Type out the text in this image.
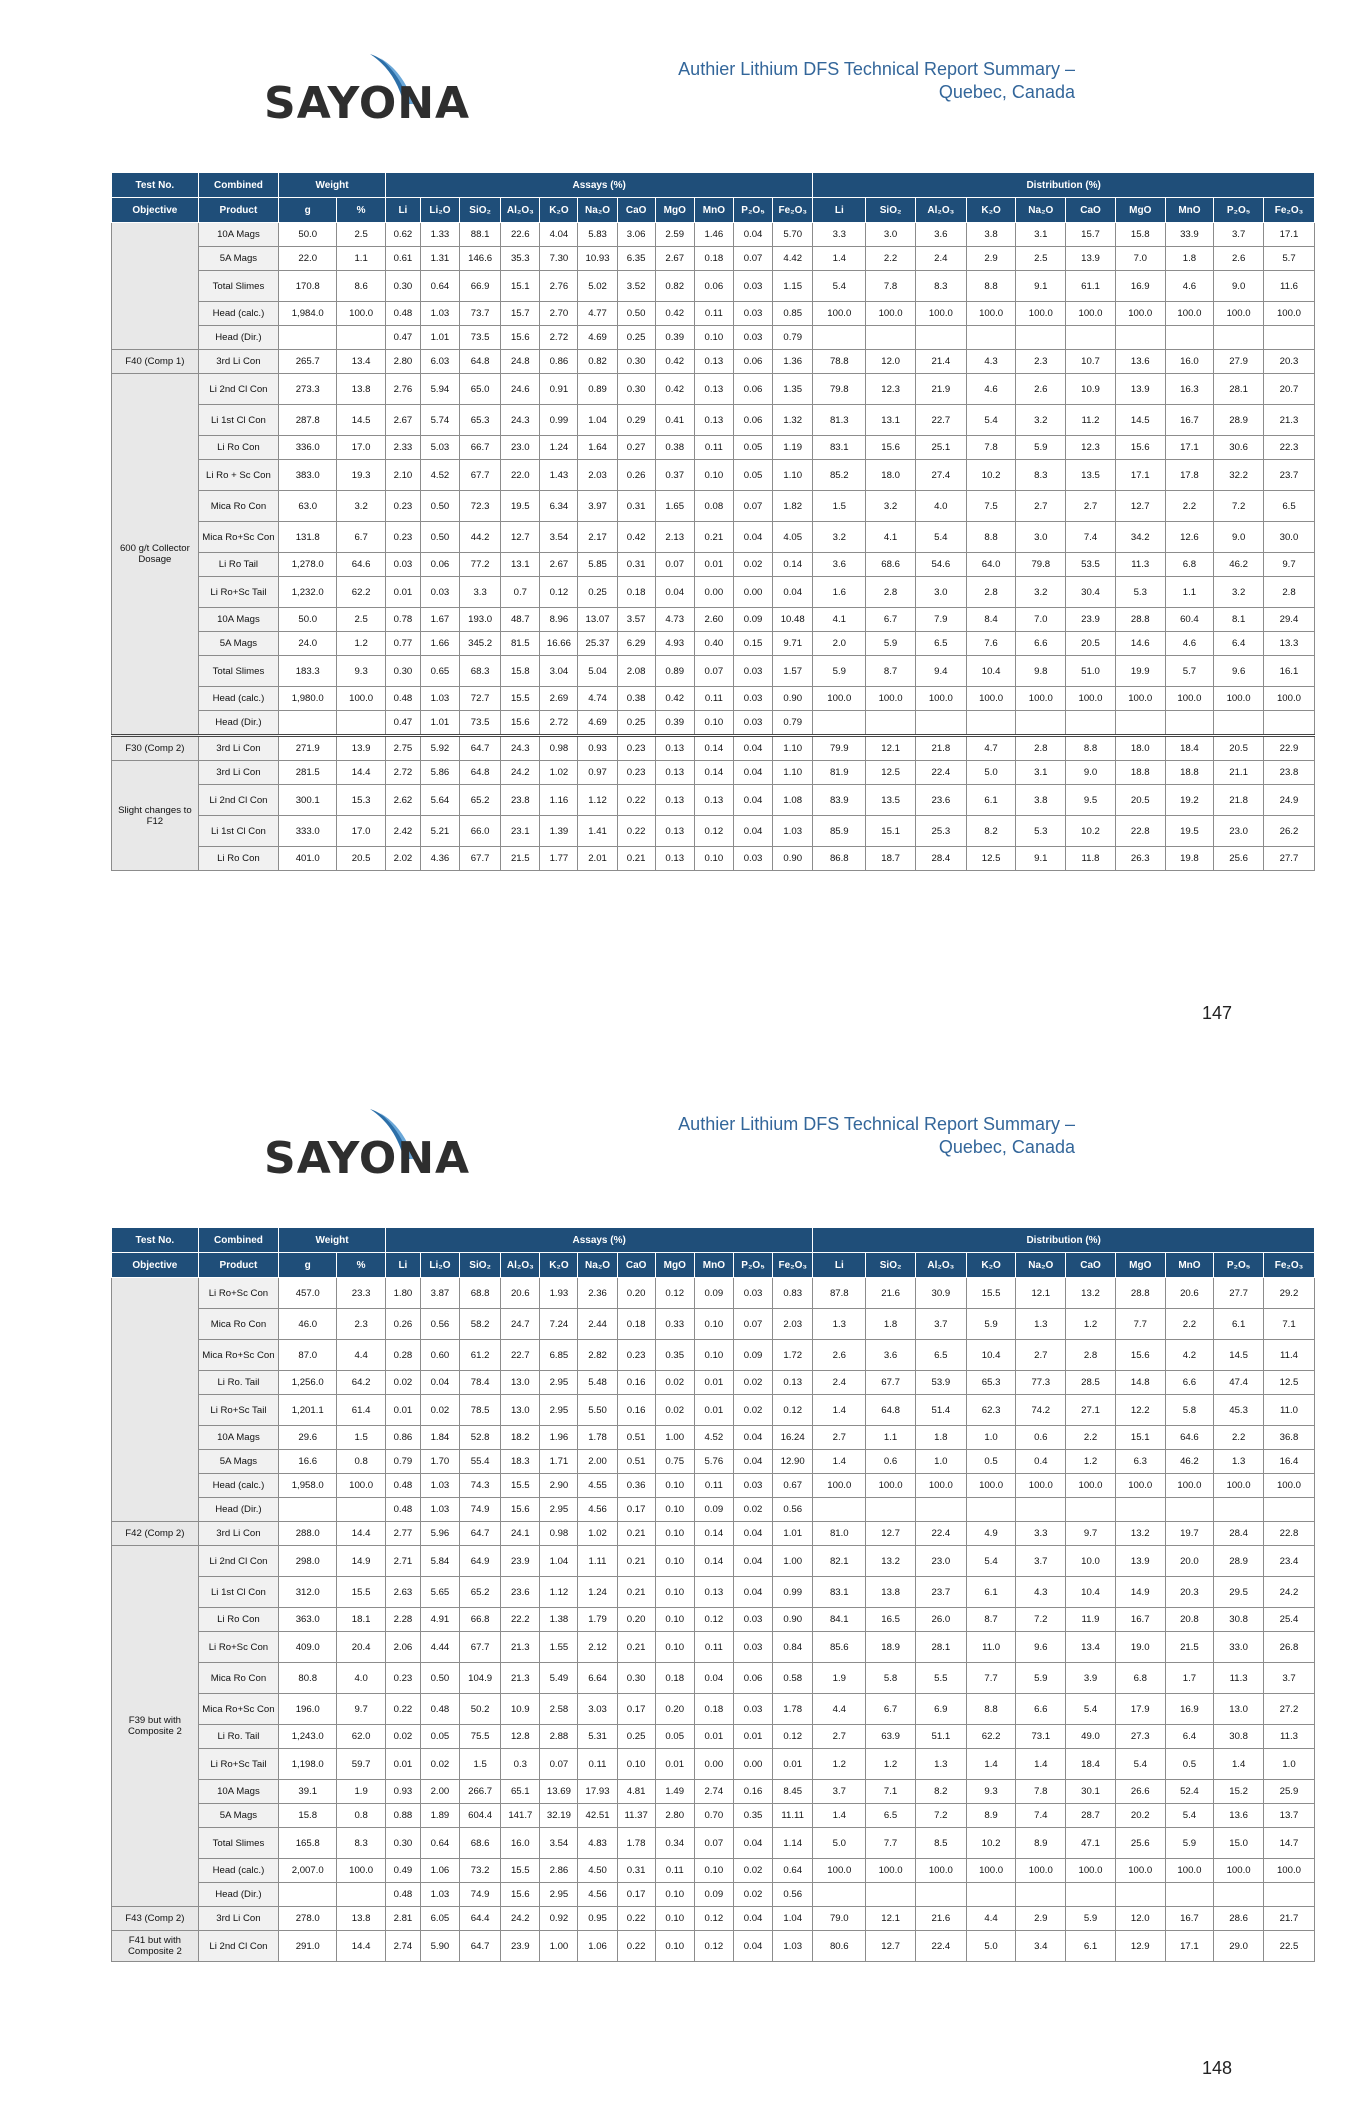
SAYONA
Authier Lithium DFS Technical Report Summary –
Quebec, Canada
Test No.	Combined	Weight		Assays (%)											Distribution (%)									
Objective	Product	g	%	Li	Li₂O	SiO₂	Al₂O₃	K₂O	Na₂O	CaO	MgO	MnO	P₂O₅	Fe₂O₃	Li	SiO₂	Al₂O₃	K₂O	Na₂O	CaO	MgO	MnO	P₂O₅	Fe₂O₃
	10A Mags	50.0	2.5	0.62	1.33	88.1	22.6	4.04	5.83	3.06	2.59	1.46	0.04	5.70	3.3	3.0	3.6	3.8	3.1	15.7	15.8	33.9	3.7	17.1
	5A Mags	22.0	1.1	0.61	1.31	146.6	35.3	7.30	10.93	6.35	2.67	0.18	0.07	4.42	1.4	2.2	2.4	2.9	2.5	13.9	7.0	1.8	2.6	5.7
	Total Slimes	170.8	8.6	0.30	0.64	66.9	15.1	2.76	5.02	3.52	0.82	0.06	0.03	1.15	5.4	7.8	8.3	8.8	9.1	61.1	16.9	4.6	9.0	11.6
	Head (calc.)	1,984.0	100.0	0.48	1.03	73.7	15.7	2.70	4.77	0.50	0.42	0.11	0.03	0.85	100.0	100.0	100.0	100.0	100.0	100.0	100.0	100.0	100.0	100.0
	Head (Dir.)			0.47	1.01	73.5	15.6	2.72	4.69	0.25	0.39	0.10	0.03	0.79										
F40 (Comp 1)	3rd Li Con	265.7	13.4	2.80	6.03	64.8	24.8	0.86	0.82	0.30	0.42	0.13	0.06	1.36	78.8	12.0	21.4	4.3	2.3	10.7	13.6	16.0	27.9	20.3
600 g/t Collector Dosage	Li 2nd Cl Con	273.3	13.8	2.76	5.94	65.0	24.6	0.91	0.89	0.30	0.42	0.13	0.06	1.35	79.8	12.3	21.9	4.6	2.6	10.9	13.9	16.3	28.1	20.7
	Li 1st Cl Con	287.8	14.5	2.67	5.74	65.3	24.3	0.99	1.04	0.29	0.41	0.13	0.06	1.32	81.3	13.1	22.7	5.4	3.2	11.2	14.5	16.7	28.9	21.3
	Li Ro Con	336.0	17.0	2.33	5.03	66.7	23.0	1.24	1.64	0.27	0.38	0.11	0.05	1.19	83.1	15.6	25.1	7.8	5.9	12.3	15.6	17.1	30.6	22.3
	Li Ro + Sc Con	383.0	19.3	2.10	4.52	67.7	22.0	1.43	2.03	0.26	0.37	0.10	0.05	1.10	85.2	18.0	27.4	10.2	8.3	13.5	17.1	17.8	32.2	23.7
	Mica Ro Con	63.0	3.2	0.23	0.50	72.3	19.5	6.34	3.97	0.31	1.65	0.08	0.07	1.82	1.5	3.2	4.0	7.5	2.7	2.7	12.7	2.2	7.2	6.5
	Mica Ro+Sc Con	131.8	6.7	0.23	0.50	44.2	12.7	3.54	2.17	0.42	2.13	0.21	0.04	4.05	3.2	4.1	5.4	8.8	3.0	7.4	34.2	12.6	9.0	30.0
	Li Ro Tail	1,278.0	64.6	0.03	0.06	77.2	13.1	2.67	5.85	0.31	0.07	0.01	0.02	0.14	3.6	68.6	54.6	64.0	79.8	53.5	11.3	6.8	46.2	9.7
	Li Ro+Sc Tail	1,232.0	62.2	0.01	0.03	3.3	0.7	0.12	0.25	0.18	0.04	0.00	0.00	0.04	1.6	2.8	3.0	2.8	3.2	30.4	5.3	1.1	3.2	2.8
	10A Mags	50.0	2.5	0.78	1.67	193.0	48.7	8.96	13.07	3.57	4.73	2.60	0.09	10.48	4.1	6.7	7.9	8.4	7.0	23.9	28.8	60.4	8.1	29.4
	5A Mags	24.0	1.2	0.77	1.66	345.2	81.5	16.66	25.37	6.29	4.93	0.40	0.15	9.71	2.0	5.9	6.5	7.6	6.6	20.5	14.6	4.6	6.4	13.3
	Total Slimes	183.3	9.3	0.30	0.65	68.3	15.8	3.04	5.04	2.08	0.89	0.07	0.03	1.57	5.9	8.7	9.4	10.4	9.8	51.0	19.9	5.7	9.6	16.1
	Head (calc.)	1,980.0	100.0	0.48	1.03	72.7	15.5	2.69	4.74	0.38	0.42	0.11	0.03	0.90	100.0	100.0	100.0	100.0	100.0	100.0	100.0	100.0	100.0	100.0
	Head (Dir.)			0.47	1.01	73.5	15.6	2.72	4.69	0.25	0.39	0.10	0.03	0.79										
F30 (Comp 2)	3rd Li Con	271.9	13.9	2.75	5.92	64.7	24.3	0.98	0.93	0.23	0.13	0.14	0.04	1.10	79.9	12.1	21.8	4.7	2.8	8.8	18.0	18.4	20.5	22.9
Slight changes to F12	3rd Li Con	281.5	14.4	2.72	5.86	64.8	24.2	1.02	0.97	0.23	0.13	0.14	0.04	1.10	81.9	12.5	22.4	5.0	3.1	9.0	18.8	18.8	21.1	23.8
	Li 2nd Cl Con	300.1	15.3	2.62	5.64	65.2	23.8	1.16	1.12	0.22	0.13	0.13	0.04	1.08	83.9	13.5	23.6	6.1	3.8	9.5	20.5	19.2	21.8	24.9
	Li 1st Cl Con	333.0	17.0	2.42	5.21	66.0	23.1	1.39	1.41	0.22	0.13	0.12	0.04	1.03	85.9	15.1	25.3	8.2	5.3	10.2	22.8	19.5	23.0	26.2
	Li Ro Con	401.0	20.5	2.02	4.36	67.7	21.5	1.77	2.01	0.21	0.13	0.10	0.03	0.90	86.8	18.7	28.4	12.5	9.1	11.8	26.3	19.8	25.6	27.7
147
SAYONA
Authier Lithium DFS Technical Report Summary –
Quebec, Canada
Test No.	Combined	Weight		Assays (%)											Distribution (%)									
Objective	Product	g	%	Li	Li₂O	SiO₂	Al₂O₃	K₂O	Na₂O	CaO	MgO	MnO	P₂O₅	Fe₂O₃	Li	SiO₂	Al₂O₃	K₂O	Na₂O	CaO	MgO	MnO	P₂O₅	Fe₂O₃
	Li Ro+Sc Con	457.0	23.3	1.80	3.87	68.8	20.6	1.93	2.36	0.20	0.12	0.09	0.03	0.83	87.8	21.6	30.9	15.5	12.1	13.2	28.8	20.6	27.7	29.2
	Mica Ro Con	46.0	2.3	0.26	0.56	58.2	24.7	7.24	2.44	0.18	0.33	0.10	0.07	2.03	1.3	1.8	3.7	5.9	1.3	1.2	7.7	2.2	6.1	7.1
	Mica Ro+Sc Con	87.0	4.4	0.28	0.60	61.2	22.7	6.85	2.82	0.23	0.35	0.10	0.09	1.72	2.6	3.6	6.5	10.4	2.7	2.8	15.6	4.2	14.5	11.4
	Li Ro. Tail	1,256.0	64.2	0.02	0.04	78.4	13.0	2.95	5.48	0.16	0.02	0.01	0.02	0.13	2.4	67.7	53.9	65.3	77.3	28.5	14.8	6.6	47.4	12.5
	Li Ro+Sc Tail	1,201.1	61.4	0.01	0.02	78.5	13.0	2.95	5.50	0.16	0.02	0.01	0.02	0.12	1.4	64.8	51.4	62.3	74.2	27.1	12.2	5.8	45.3	11.0
	10A Mags	29.6	1.5	0.86	1.84	52.8	18.2	1.96	1.78	0.51	1.00	4.52	0.04	16.24	2.7	1.1	1.8	1.0	0.6	2.2	15.1	64.6	2.2	36.8
	5A Mags	16.6	0.8	0.79	1.70	55.4	18.3	1.71	2.00	0.51	0.75	5.76	0.04	12.90	1.4	0.6	1.0	0.5	0.4	1.2	6.3	46.2	1.3	16.4
	Head (calc.)	1,958.0	100.0	0.48	1.03	74.3	15.5	2.90	4.55	0.36	0.10	0.11	0.03	0.67	100.0	100.0	100.0	100.0	100.0	100.0	100.0	100.0	100.0	100.0
	Head (Dir.)			0.48	1.03	74.9	15.6	2.95	4.56	0.17	0.10	0.09	0.02	0.56										
F42 (Comp 2)	3rd Li Con	288.0	14.4	2.77	5.96	64.7	24.1	0.98	1.02	0.21	0.10	0.14	0.04	1.01	81.0	12.7	22.4	4.9	3.3	9.7	13.2	19.7	28.4	22.8
F39 but with Composite 2	Li 2nd Cl Con	298.0	14.9	2.71	5.84	64.9	23.9	1.04	1.11	0.21	0.10	0.14	0.04	1.00	82.1	13.2	23.0	5.4	3.7	10.0	13.9	20.0	28.9	23.4
	Li 1st Cl Con	312.0	15.5	2.63	5.65	65.2	23.6	1.12	1.24	0.21	0.10	0.13	0.04	0.99	83.1	13.8	23.7	6.1	4.3	10.4	14.9	20.3	29.5	24.2
	Li Ro Con	363.0	18.1	2.28	4.91	66.8	22.2	1.38	1.79	0.20	0.10	0.12	0.03	0.90	84.1	16.5	26.0	8.7	7.2	11.9	16.7	20.8	30.8	25.4
	Li Ro+Sc Con	409.0	20.4	2.06	4.44	67.7	21.3	1.55	2.12	0.21	0.10	0.11	0.03	0.84	85.6	18.9	28.1	11.0	9.6	13.4	19.0	21.5	33.0	26.8
	Mica Ro Con	80.8	4.0	0.23	0.50	104.9	21.3	5.49	6.64	0.30	0.18	0.04	0.06	0.58	1.9	5.8	5.5	7.7	5.9	3.9	6.8	1.7	11.3	3.7
	Mica Ro+Sc Con	196.0	9.7	0.22	0.48	50.2	10.9	2.58	3.03	0.17	0.20	0.18	0.03	1.78	4.4	6.7	6.9	8.8	6.6	5.4	17.9	16.9	13.0	27.2
	Li Ro. Tail	1,243.0	62.0	0.02	0.05	75.5	12.8	2.88	5.31	0.25	0.05	0.01	0.01	0.12	2.7	63.9	51.1	62.2	73.1	49.0	27.3	6.4	30.8	11.3
	Li Ro+Sc Tail	1,198.0	59.7	0.01	0.02	1.5	0.3	0.07	0.11	0.10	0.01	0.00	0.00	0.01	1.2	1.2	1.3	1.4	1.4	18.4	5.4	0.5	1.4	1.0
	10A Mags	39.1	1.9	0.93	2.00	266.7	65.1	13.69	17.93	4.81	1.49	2.74	0.16	8.45	3.7	7.1	8.2	9.3	7.8	30.1	26.6	52.4	15.2	25.9
	5A Mags	15.8	0.8	0.88	1.89	604.4	141.7	32.19	42.51	11.37	2.80	0.70	0.35	11.11	1.4	6.5	7.2	8.9	7.4	28.7	20.2	5.4	13.6	13.7
	Total Slimes	165.8	8.3	0.30	0.64	68.6	16.0	3.54	4.83	1.78	0.34	0.07	0.04	1.14	5.0	7.7	8.5	10.2	8.9	47.1	25.6	5.9	15.0	14.7
	Head (calc.)	2,007.0	100.0	0.49	1.06	73.2	15.5	2.86	4.50	0.31	0.11	0.10	0.02	0.64	100.0	100.0	100.0	100.0	100.0	100.0	100.0	100.0	100.0	100.0
	Head (Dir.)			0.48	1.03	74.9	15.6	2.95	4.56	0.17	0.10	0.09	0.02	0.56										
F43 (Comp 2)	3rd Li Con	278.0	13.8	2.81	6.05	64.4	24.2	0.92	0.95	0.22	0.10	0.12	0.04	1.04	79.0	12.1	21.6	4.4	2.9	5.9	12.0	16.7	28.6	21.7
F41 but with Composite 2	Li 2nd Cl Con	291.0	14.4	2.74	5.90	64.7	23.9	1.00	1.06	0.22	0.10	0.12	0.04	1.03	80.6	12.7	22.4	5.0	3.4	6.1	12.9	17.1	29.0	22.5
148
